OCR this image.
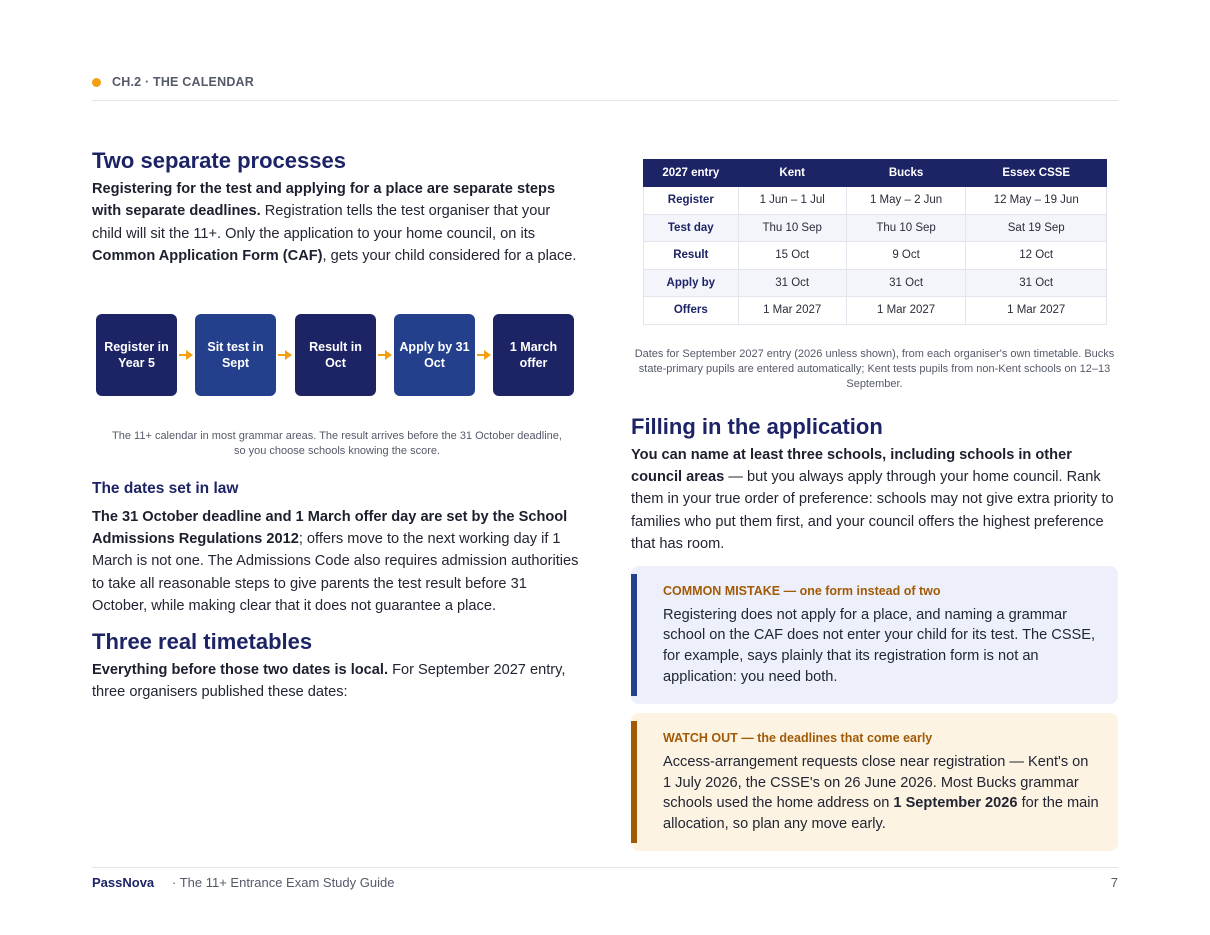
CH.2 · THE CALENDAR
Two separate processes

Registering for the test and applying for a place are separate steps with separate deadlines. Registration tells the test organiser that your child will sit the 11+. Only the application to your home council, on its Common Application Form (CAF), gets your child considered for a place.

Register in Year 5
Sit test in Sept
Result in Oct
Apply by 31 Oct
1 March offer

The 11+ calendar in most grammar areas. The result arrives before the 31 October deadline, so you choose schools knowing the score.

The dates set in law

The 31 October deadline and 1 March offer day are set by the School Admissions Regulations 2012; offers move to the next working day if 1 March is not one. The Admissions Code also requires admission authorities to take all reasonable steps to give parents the test result before 31 October, while making clear that it does not guarantee a place.

Three real timetables

Everything before those two dates is local. For September 2027 entry, three organisers published these dates:

2027 entry	Kent	Bucks	Essex CSSE
Register	1 Jun – 1 Jul	1 May – 2 Jun	12 May – 19 Jun
Test day	Thu 10 Sep	Thu 10 Sep	Sat 19 Sep
Result	15 Oct	9 Oct	12 Oct
Apply by	31 Oct	31 Oct	31 Oct
Offers	1 Mar 2027	1 Mar 2027	1 Mar 2027

Dates for September 2027 entry (2026 unless shown), from each organiser's own timetable. Bucks state-primary pupils are entered automatically; Kent tests pupils from non-Kent schools on 12–13 September.

Filling in the application

You can name at least three schools, including schools in other council areas — but you always apply through your home council. Rank them in your true order of preference: schools may not give extra priority to families who put them first, and your council offers the highest preference that has room.

COMMON MISTAKE — one form instead of two

Registering does not apply for a place, and naming a grammar school on the CAF does not enter your child for its test. The CSSE, for example, says plainly that its registration form is not an application: you need both.

WATCH OUT — the deadlines that come early

Access-arrangement requests close near registration — Kent's on 1 July 2026, the CSSE's on 26 June 2026. Most Bucks grammar schools used the home address on 1 September 2026 for the main allocation, so plan any move early.

PassNova · The 11+ Entrance Exam Study Guide	7
